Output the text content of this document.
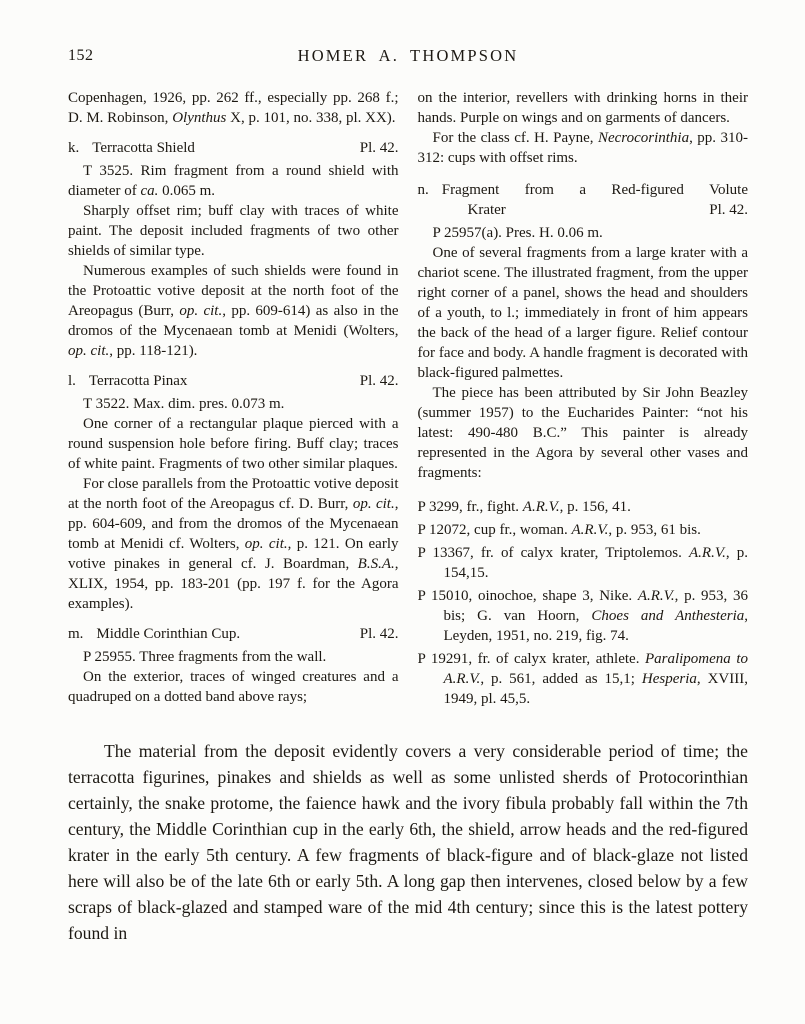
152	HOMER A. THOMPSON

Copenhagen, 1926, pp. 262 ff., especially pp. 268 f.; D. M. Robinson, Olynthus X, p. 101, no. 338, pl. XX).

k. Terracotta Shield	Pl. 42.

T 3525. Rim fragment from a round shield with diameter of ca. 0.065 m.

Sharply offset rim; buff clay with traces of white paint. The deposit included fragments of two other shields of similar type.

Numerous examples of such shields were found in the Protoattic votive deposit at the north foot of the Areopagus (Burr, op. cit., pp. 609-614) as also in the dromos of the Mycenaean tomb at Menidi (Wolters, op. cit., pp. 118-121).

l. Terracotta Pinax	Pl. 42.

T 3522. Max. dim. pres. 0.073 m.

One corner of a rectangular plaque pierced with a round suspension hole before firing. Buff clay; traces of white paint. Fragments of two other similar plaques.

For close parallels from the Protoattic votive deposit at the north foot of the Areopagus cf. D. Burr, op. cit., pp. 604-609, and from the dromos of the Mycenaean tomb at Menidi cf. Wolters, op. cit., p. 121. On early votive pinakes in general cf. J. Boardman, B.S.A., XLIX, 1954, pp. 183-201 (pp. 197 f. for the Agora examples).

m. Middle Corinthian Cup.	Pl. 42.

P 25955. Three fragments from the wall.

On the exterior, traces of winged creatures and a quadruped on a dotted band above rays;

on the interior, revellers with drinking horns in their hands. Purple on wings and on garments of dancers.

For the class cf. H. Payne, Necrocorinthia, pp. 310-312: cups with offset rims.

n. Fragment from a Red-figured Volute

Krater	Pl. 42.

P 25957(a). Pres. H. 0.06 m.

One of several fragments from a large krater with a chariot scene. The illustrated fragment, from the upper right corner of a panel, shows the head and shoulders of a youth, to l.; immediately in front of him appears the back of the head of a larger figure. Relief contour for face and body. A handle fragment is decorated with black-figured palmettes.

The piece has been attributed by Sir John Beazley (summer 1957) to the Eucharides Painter: “not his latest: 490-480 B.C.” This painter is already represented in the Agora by several other vases and fragments:

P 3299, fr., fight. A.R.V., p. 156, 41.

P 12072, cup fr., woman. A.R.V., p. 953, 61 bis.

P 13367, fr. of calyx krater, Triptolemos. A.R.V., p. 154,15.

P 15010, oinochoe, shape 3, Nike. A.R.V., p. 953, 36 bis; G. van Hoorn, Choes and Anthesteria, Leyden, 1951, no. 219, fig. 74.

P 19291, fr. of calyx krater, athlete. Paralipomena to A.R.V., p. 561, added as 15,1; Hesperia, XVIII, 1949, pl. 45,5.

The material from the deposit evidently covers a very considerable period of time; the terracotta figurines, pinakes and shields as well as some unlisted sherds of Protocorinthian certainly, the snake protome, the faience hawk and the ivory fibula probably fall within the 7th century, the Middle Corinthian cup in the early 6th, the shield, arrow heads and the red-figured krater in the early 5th century. A few fragments of black-figure and of black-glaze not listed here will also be of the late 6th or early 5th. A long gap then intervenes, closed below by a few scraps of black-glazed and stamped ware of the mid 4th century; since this is the latest pottery found in
